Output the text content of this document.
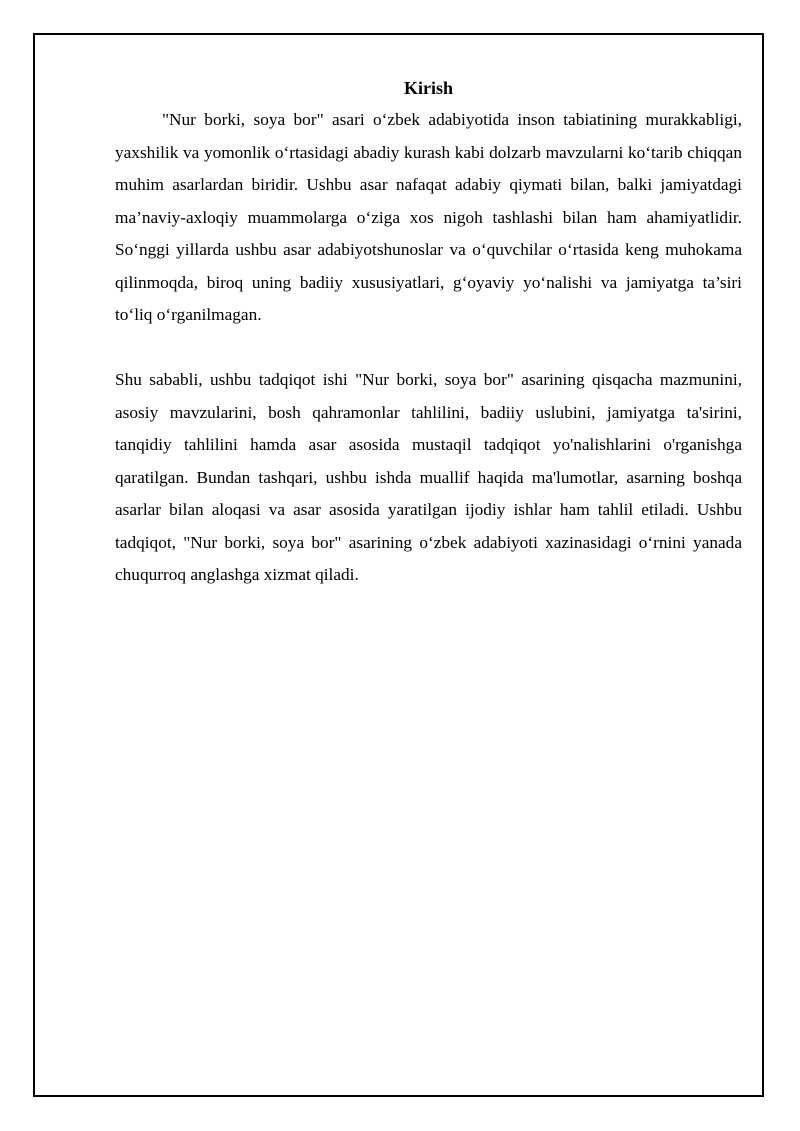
Kirish

"Nur borki, soya bor" asari o‘zbek adabiyotida inson tabiatining murakkabligi, yaxshilik va yomonlik o‘rtasidagi abadiy kurash kabi dolzarb mavzularni ko‘tarib chiqqan muhim asarlardan biridir. Ushbu asar nafaqat adabiy qiymati bilan, balki jamiyatdagi ma’naviy-axloqiy muammolarga o‘ziga xos nigoh tashlashi bilan ham ahamiyatlidir. So‘nggi yillarda ushbu asar adabiyotshunoslar va o‘quvchilar o‘rtasida keng muhokama qilinmoqda, biroq uning badiiy xususiyatlari, g‘oyaviy yo‘nalishi va jamiyatga ta’siri to‘liq o‘rganilmagan.

Shu sababli, ushbu tadqiqot ishi "Nur borki, soya bor" asarining qisqacha mazmunini, asosiy mavzularini, bosh qahramonlar tahlilini, badiiy uslubini, jamiyatga ta'sirini, tanqidiy tahlilini hamda asar asosida mustaqil tadqiqot yo'nalishlarini o'rganishga qaratilgan. Bundan tashqari, ushbu ishda muallif haqida ma'lumotlar, asarning boshqa asarlar bilan aloqasi va asar asosida yaratilgan ijodiy ishlar ham tahlil etiladi. Ushbu tadqiqot, "Nur borki, soya bor" asarining o‘zbek adabiyoti xazinasidagi o‘rnini yanada chuqurroq anglashga xizmat qiladi.
